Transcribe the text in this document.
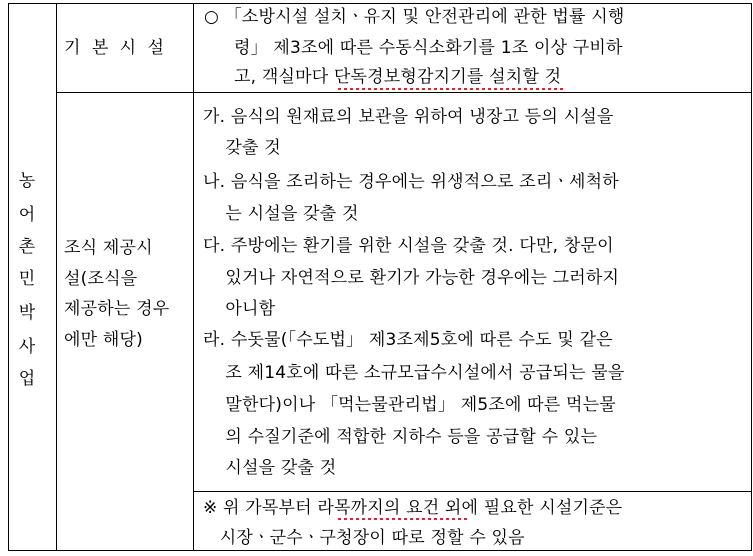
농
어
촌
민
박
사
업
기 본 시 설
○ 「소방시설 설치ㆍ유지 및 안전관리에 관한 법률 시행
령」 제3조에 따른 수동식소화기를 1조 이상 구비하
고, 객실마다 단독경보형감지기를 설치할 것
조식 제공시
설(조식을
제공하는 경우
에만 해당)
가. 음식의 원재료의 보관을 위하여 냉장고 등의 시설을
갖출 것
나. 음식을 조리하는 경우에는 위생적으로 조리ㆍ세척하
는 시설을 갖출 것
다. 주방에는 환기를 위한 시설을 갖출 것. 다만, 창문이
있거나 자연적으로 환기가 가능한 경우에는 그러하지
아니함
라. 수돗물(「수도법」 제3조제5호에 따른 수도 및 같은
조 제14호에 따른 소규모급수시설에서 공급되는 물을
말한다)이나 「먹는물관리법」 제5조에 따른 먹는물
의 수질기준에 적합한 지하수 등을 공급할 수 있는
시설을 갖출 것
※ 위 가목부터 라목까지의 요건 외에 필요한 시설기준은
시장ㆍ군수ㆍ구청장이 따로 정할 수 있음
